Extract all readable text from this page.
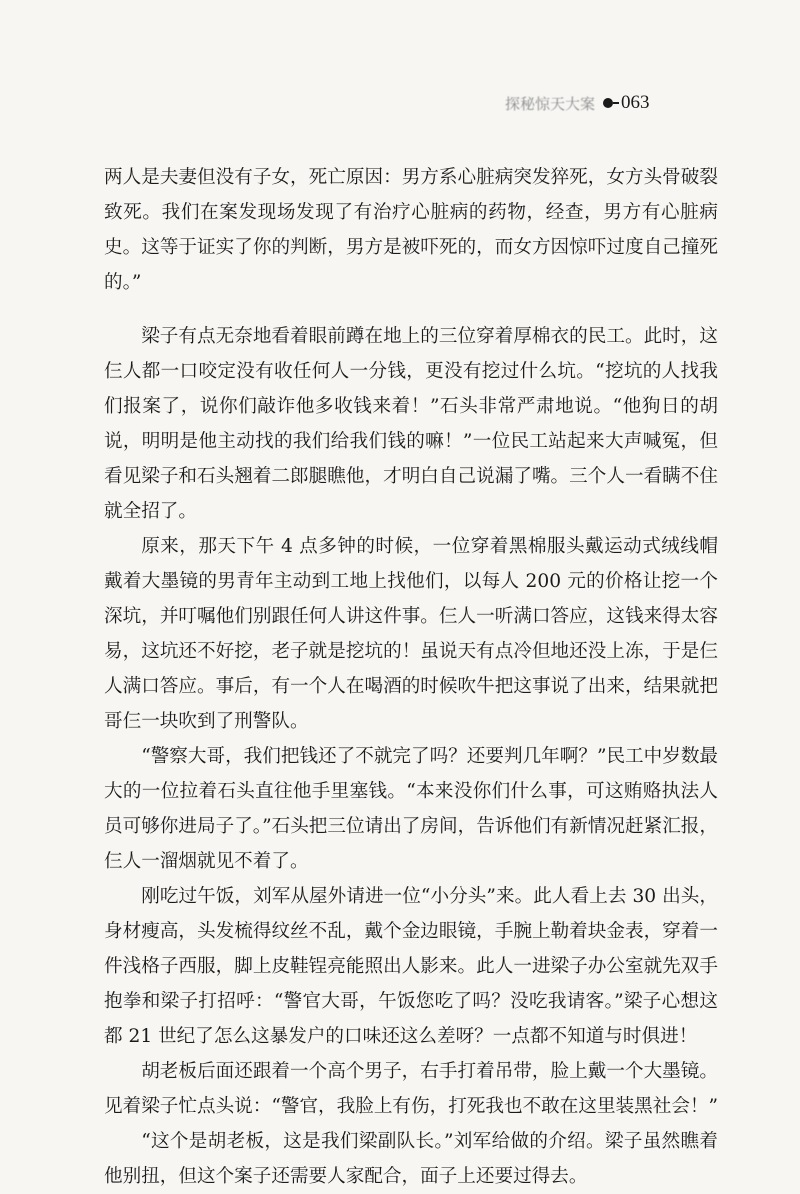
探秘惊天大案 063

两人是夫妻但没有子女，死亡原因：男方系心脏病突发猝死，女方头骨破裂致死。我们在案发现场发现了有治疗心脏病的药物，经查，男方有心脏病史。这等于证实了你的判断，男方是被吓死的，而女方因惊吓过度自己撞死的。”

梁子有点无奈地看着眼前蹲在地上的三位穿着厚棉衣的民工。此时，这仨人都一口咬定没有收任何人一分钱，更没有挖过什么坑。“挖坑的人找我们报案了，说你们敲诈他多收钱来着！”石头非常严肃地说。“他狗日的胡说，明明是他主动找的我们给我们钱的嘛！”一位民工站起来大声喊冤，但看见梁子和石头翘着二郎腿瞧他，才明白自己说漏了嘴。三个人一看瞒不住就全招了。

原来，那天下午 4 点多钟的时候，一位穿着黑棉服头戴运动式绒线帽戴着大墨镜的男青年主动到工地上找他们，以每人 200 元的价格让挖一个深坑，并叮嘱他们别跟任何人讲这件事。仨人一听满口答应，这钱来得太容易，这坑还不好挖，老子就是挖坑的！虽说天有点冷但地还没上冻，于是仨人满口答应。事后，有一个人在喝酒的时候吹牛把这事说了出来，结果就把哥仨一块吹到了刑警队。

“警察大哥，我们把钱还了不就完了吗？还要判几年啊？”民工中岁数最大的一位拉着石头直往他手里塞钱。“本来没你们什么事，可这贿赂执法人员可够你进局子了。”石头把三位请出了房间，告诉他们有新情况赶紧汇报，仨人一溜烟就见不着了。

刚吃过午饭，刘军从屋外请进一位“小分头”来。此人看上去 30 出头，身材瘦高，头发梳得纹丝不乱，戴个金边眼镜，手腕上勒着块金表，穿着一件浅格子西服，脚上皮鞋锃亮能照出人影来。此人一进梁子办公室就先双手抱拳和梁子打招呼：“警官大哥，午饭您吃了吗？没吃我请客。”梁子心想这都 21 世纪了怎么这暴发户的口味还这么差呀？一点都不知道与时俱进！

胡老板后面还跟着一个高个男子，右手打着吊带，脸上戴一个大墨镜。见着梁子忙点头说：“警官，我脸上有伤，打死我也不敢在这里装黑社会！”

“这个是胡老板，这是我们梁副队长。”刘军给做的介绍。梁子虽然瞧着他别扭，但这个案子还需要人家配合，面子上还要过得去。
